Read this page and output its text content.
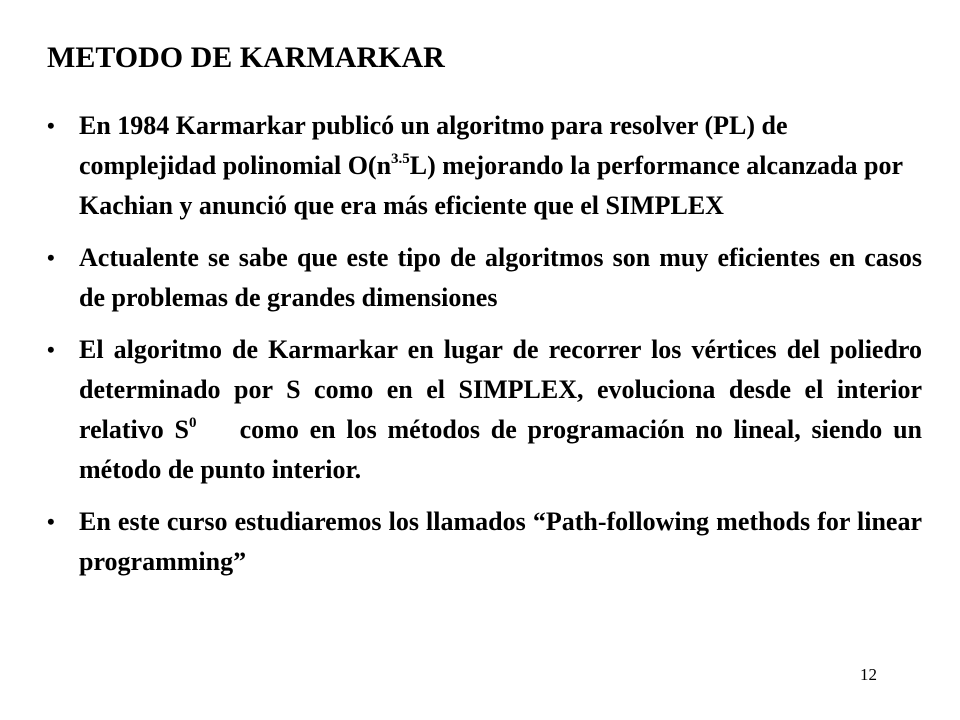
METODO DE KARMARKAR
• En 1984 Karmarkar publicó un algoritmo para resolver (PL) de complejidad polinomial $O(n^{3.5}L)$ mejorando la performance alcanzada por Kachian y anunció que era más eficiente que el SIMPLEX
• Actualente se sabe que este tipo de algoritmos son muy eficientes en casos de problemas de grandes dimensiones
• El algoritmo de Karmarkar en lugar de recorrer los vértices del poliedro determinado por S como en el SIMPLEX, evoluciona desde el interior relativo $S^0$ como en los métodos de programación no lineal, siendo un método de punto interior.
• En este curso estudiaremos los llamados “Path-following methods for linear programming”
12
